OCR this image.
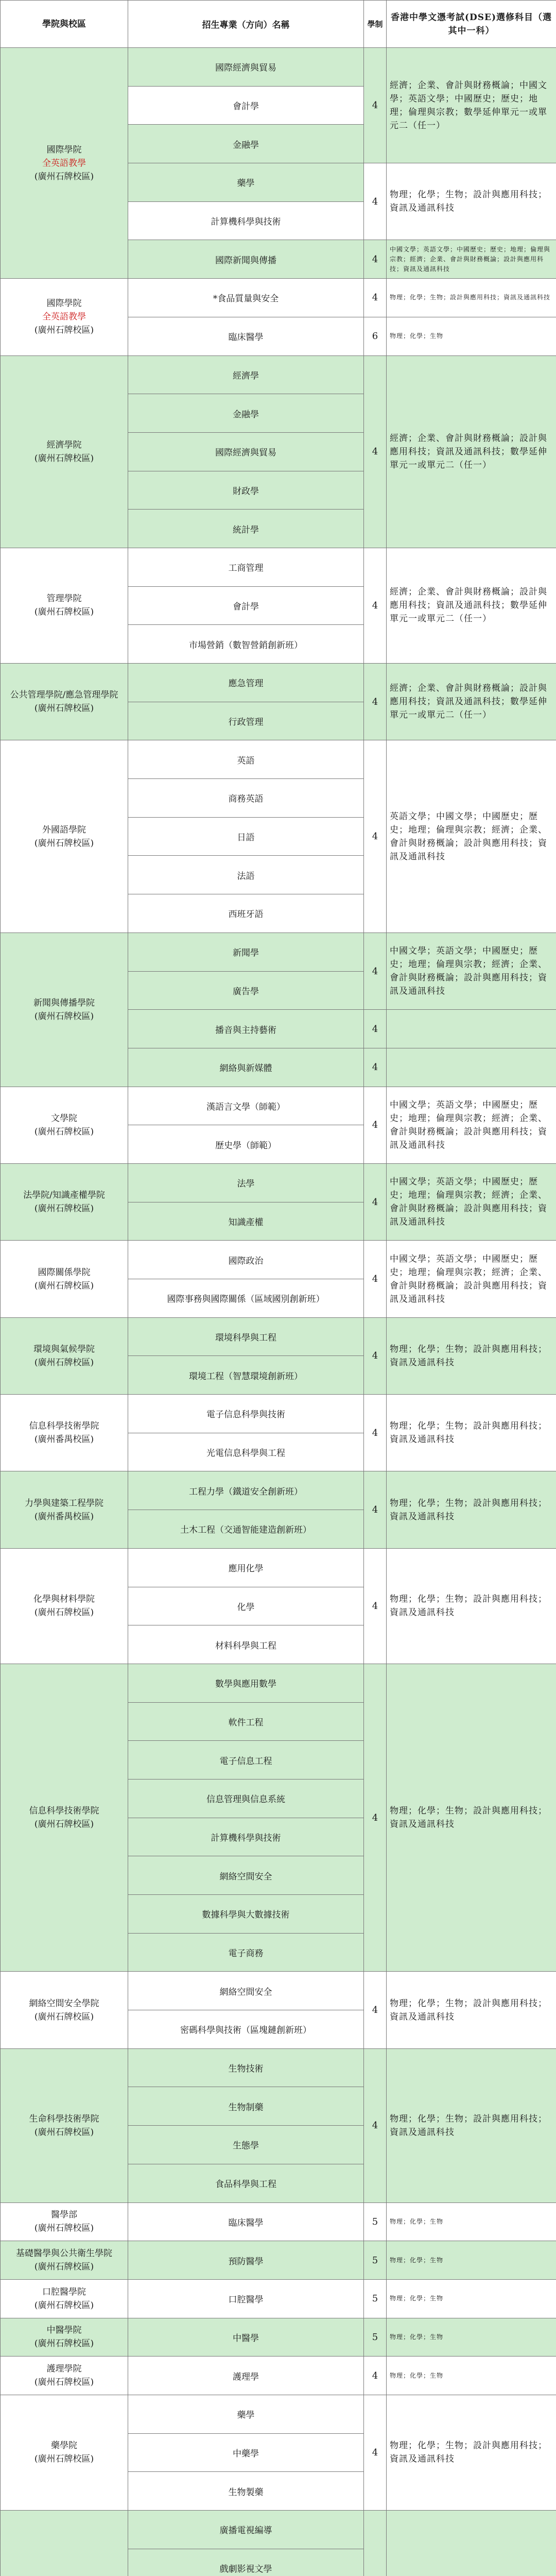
學院與校區	招生專業（方向）名稱	學制	香港中學文憑考試(DSE)選修科目（選其中一科）

國際學院
全英語教學
(廣州石牌校區)	國際經濟與貿易	4	經濟；企業、會計與財務概論；中國文學；英語文學；中國歷史；歷史；地理；倫理與宗教；數學延伸單元一或單元二（任一）
	會計學		
	金融學		
	藥學	4	物理；化學；生物；設計與應用科技；資訊及通訊科技
	計算機科學與技術		
	國際新聞與傳播	4	中國文學；英語文學；中國歷史；歷史；地理；倫理與宗教；經濟；企業、會計與財務概論；設計與應用科技；資訊及通訊科技

國際學院
全英語教學
(廣州石牌校區)	*食品質量與安全	4	物理；化學；生物；設計與應用科技；資訊及通訊科技
	臨床醫學	6	物理；化學；生物

經濟學院
(廣州石牌校區)	經濟學	4	經濟；企業、會計與財務概論；設計與應用科技；資訊及通訊科技；數學延伸單元一或單元二（任一）
	金融學		
	國際經濟與貿易		
	財政學		
	統計學		

管理學院
(廣州石牌校區)	工商管理	4	經濟；企業、會計與財務概論；設計與應用科技；資訊及通訊科技；數學延伸單元一或單元二（任一）
	會計學		
	市場營銷（數智營銷創新班）		

公共管理學院/應急管理學院
(廣州石牌校區)	應急管理	4	經濟；企業、會計與財務概論；設計與應用科技；資訊及通訊科技；數學延伸單元一或單元二（任一）
	行政管理		

外國語學院
(廣州石牌校區)	英語	4	英語文學；中國文學；中國歷史；歷史；地理；倫理與宗教；經濟；企業、會計與財務概論；設計與應用科技；資訊及通訊科技
	商務英語		
	日語		
	法語		
	西班牙語		

新聞與傳播學院
(廣州石牌校區)	新聞學	4	中國文學；英語文學；中國歷史；歷史；地理；倫理與宗教；經濟；企業、會計與財務概論；設計與應用科技；資訊及通訊科技
	廣告學		
	播音與主持藝術	4	
	網絡與新媒體	4	

文學院
(廣州石牌校區)	漢語言文學（師範）	4	中國文學；英語文學；中國歷史；歷史；地理；倫理與宗教；經濟；企業、會計與財務概論；設計與應用科技；資訊及通訊科技
	歷史學（師範）		

法學院/知識產權學院
(廣州石牌校區)	法學	4	中國文學；英語文學；中國歷史；歷史；地理；倫理與宗教；經濟；企業、會計與財務概論；設計與應用科技；資訊及通訊科技
	知識產權		

國際關係學院
(廣州石牌校區)	國際政治	4	中國文學；英語文學；中國歷史；歷史；地理；倫理與宗教；經濟；企業、會計與財務概論；設計與應用科技；資訊及通訊科技
	國際事務與國際關係（區域國別創新班）		

環境與氣候學院
(廣州石牌校區)	環境科學與工程	4	物理；化學；生物；設計與應用科技；資訊及通訊科技
	環境工程（智慧環境創新班）		

信息科學技術學院
(廣州番禺校區)	電子信息科學與技術	4	物理；化學；生物；設計與應用科技；資訊及通訊科技
	光電信息科學與工程		

力學與建築工程學院
(廣州番禺校區)	工程力學（鐵道安全創新班）	4	物理；化學；生物；設計與應用科技；資訊及通訊科技
	土木工程（交通智能建造創新班）		

化學與材料學院
(廣州石牌校區)	應用化學	4	物理；化學；生物；設計與應用科技；資訊及通訊科技
	化學		
	材料科學與工程		

信息科學技術學院
(廣州石牌校區)	數學與應用數學	4	物理；化學；生物；設計與應用科技；資訊及通訊科技
	軟件工程		
	電子信息工程		
	信息管理與信息系統		
	計算機科學與技術		
	網絡空間安全		
	數據科學與大數據技術		
	電子商務		

網絡空間安全學院
(廣州石牌校區)	網絡空間安全	4	物理；化學；生物；設計與應用科技；資訊及通訊科技
	密碼科學與技術（區塊鏈創新班）		

生命科學技術學院
(廣州石牌校區)	生物技術	4	物理；化學；生物；設計與應用科技；資訊及通訊科技
	生物制藥		
	生態學		
	食品科學與工程		

醫學部
(廣州石牌校區)	臨床醫學	5	物理；化學；生物

基礎醫學與公共衛生學院
(廣州石牌校區)	預防醫學	5	物理；化學；生物

口腔醫學院
(廣州石牌校區)	口腔醫學	5	物理；化學；生物

中醫學院
(廣州石牌校區)	中醫學	5	物理；化學；生物

護理學院
(廣州石牌校區)	護理學	4	物理；化學；生物

藥學院
(廣州石牌校區)	藥學	4	物理；化學；生物；設計與應用科技；資訊及通訊科技
	中藥學		
	生物製藥		

	廣播電視編導		
	戲劇影視文學		
